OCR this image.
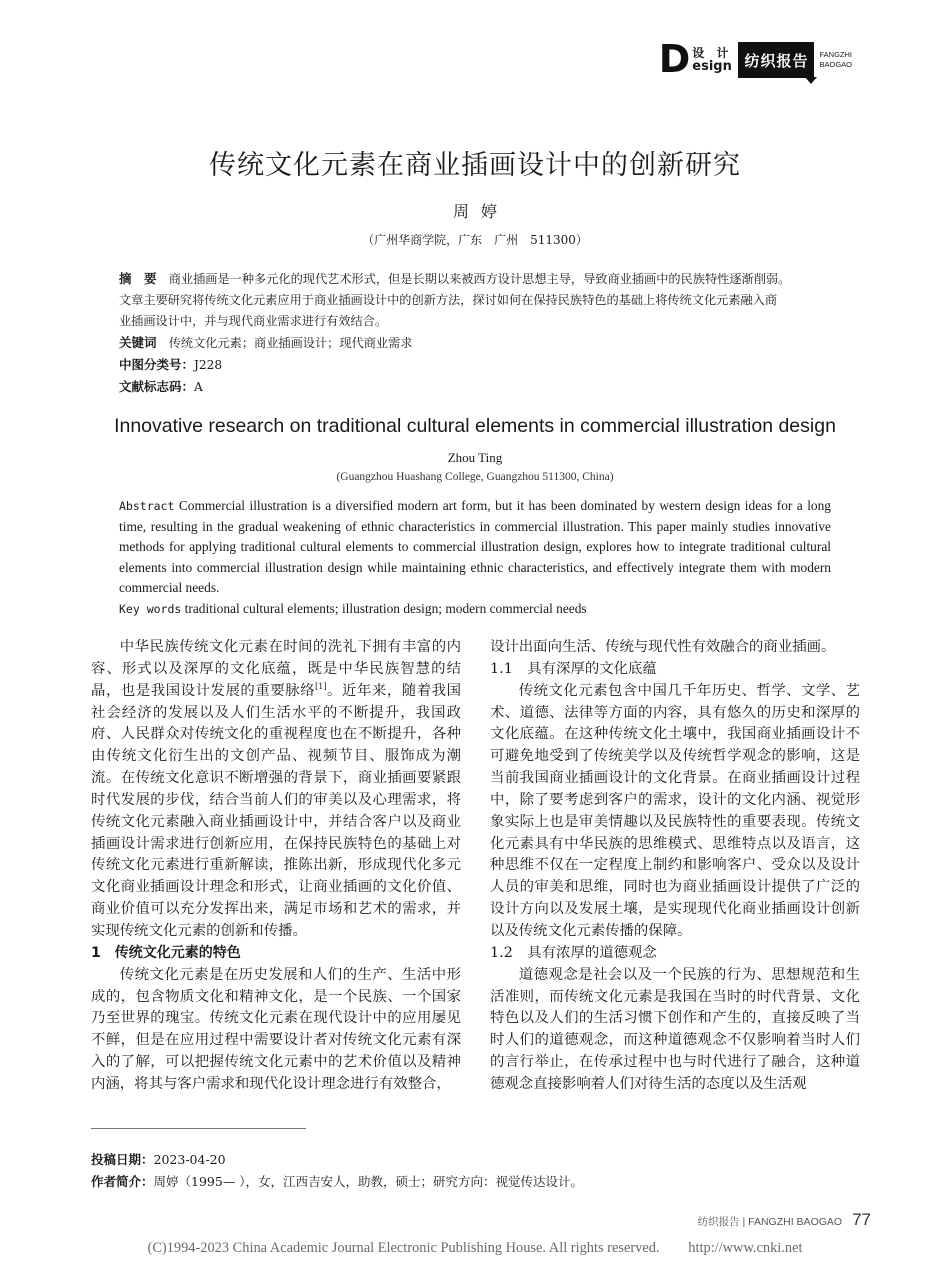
D 设 计
esign 纺织报告	FANGZHI
BAOGAO
传统文化元素在商业插画设计中的创新研究
周婷
（广州华商学院，广东　广州　511300）
摘　要　 商业插画是一种多元化的现代艺术形式，但是长期以来被西方设计思想主导，导致商业插画中的民族特性逐渐削弱。
文章主要研究将传统文化元素应用于商业插画设计中的创新方法，探讨如何在保持民族特色的基础上将传统文化元素融入商
业插画设计中，并与现代商业需求进行有效结合。
关键词　 传统文化元素；商业插画设计；现代商业需求
中图分类号：J228
文献标志码：A
Innovative research on traditional cultural elements in commercial illustration design
Zhou Ting
(Guangzhou Huashang College, Guangzhou 511300, China)
Abstract Commercial illustration is a diversified modern art form, but it has been dominated by western design ideas for a long time, resulting in the gradual weakening of ethnic characteristics in commercial illustration. This paper mainly studies innovative methods for applying traditional cultural elements to commercial illustration design, explores how to integrate traditional cultural elements into commercial illustration design while maintaining ethnic characteristics, and effectively integrate them with modern commercial needs.
Key words traditional cultural elements; illustration design; modern commercial needs

中华民族传统文化元素在时间的洗礼下拥有丰富的内容、形式以及深厚的文化底蕴，既是中华民族智慧的结晶，也是我国设计发展的重要脉络[1]。近年来，随着我国社会经济的发展以及人们生活水平的不断提升，我国政府、人民群众对传统文化的重视程度也在不断提升，各种由传统文化衍生出的文创产品、视频节目、服饰成为潮流。在传统文化意识不断增强的背景下，商业插画要紧跟时代发展的步伐，结合当前人们的审美以及心理需求，将传统文化元素融入商业插画设计中，并结合客户以及商业插画设计需求进行创新应用，在保持民族特色的基础上对传统文化元素进行重新解读，推陈出新，形成现代化多元文化商业插画设计理念和形式，让商业插画的文化价值、商业价值可以充分发挥出来，满足市场和艺术的需求，并实现传统文化元素的创新和传播。

1　传统文化元素的特色

传统文化元素是在历史发展和人们的生产、生活中形成的，包含物质文化和精神文化，是一个民族、一个国家乃至世界的瑰宝。传统文化元素在现代设计中的应用屡见不鲜，但是在应用过程中需要设计者对传统文化元素有深入的了解，可以把握传统文化元素中的艺术价值以及精神内涵，将其与客户需求和现代化设计理念进行有效整合，

设计出面向生活、传统与现代性有效融合的商业插画。

1.1　具有深厚的文化底蕴

传统文化元素包含中国几千年历史、哲学、文学、艺术、道德、法律等方面的内容，具有悠久的历史和深厚的文化底蕴。在这种传统文化土壤中，我国商业插画设计不可避免地受到了传统美学以及传统哲学观念的影响，这是当前我国商业插画设计的文化背景。在商业插画设计过程中，除了要考虑到客户的需求，设计的文化内涵、视觉形象实际上也是审美情趣以及民族特性的重要表现。传统文化元素具有中华民族的思维模式、思维特点以及语言，这种思维不仅在一定程度上制约和影响客户、受众以及设计人员的审美和思维，同时也为商业插画设计提供了广泛的设计方向以及发展土壤，是实现现代化商业插画设计创新以及传统文化元素传播的保障。

1.2　具有浓厚的道德观念

道德观念是社会以及一个民族的行为、思想规范和生活准则，而传统文化元素是我国在当时的时代背景、文化特色以及人们的生活习惯下创作和产生的，直接反映了当时人们的道德观念，而这种道德观念不仅影响着当时人们的言行举止，在传承过程中也与时代进行了融合，这种道德观念直接影响着人们对待生活的态度以及生活观

投稿日期：2023-04-20
作者简介：周婷（1995— ），女，江西吉安人，助教，硕士；研究方向：视觉传达设计。
纺织报告 | FANGZHI BAOGAO 77
(C)1994-2023 China Academic Journal Electronic Publishing House. All rights reserved.　　http://www.cnki.net
